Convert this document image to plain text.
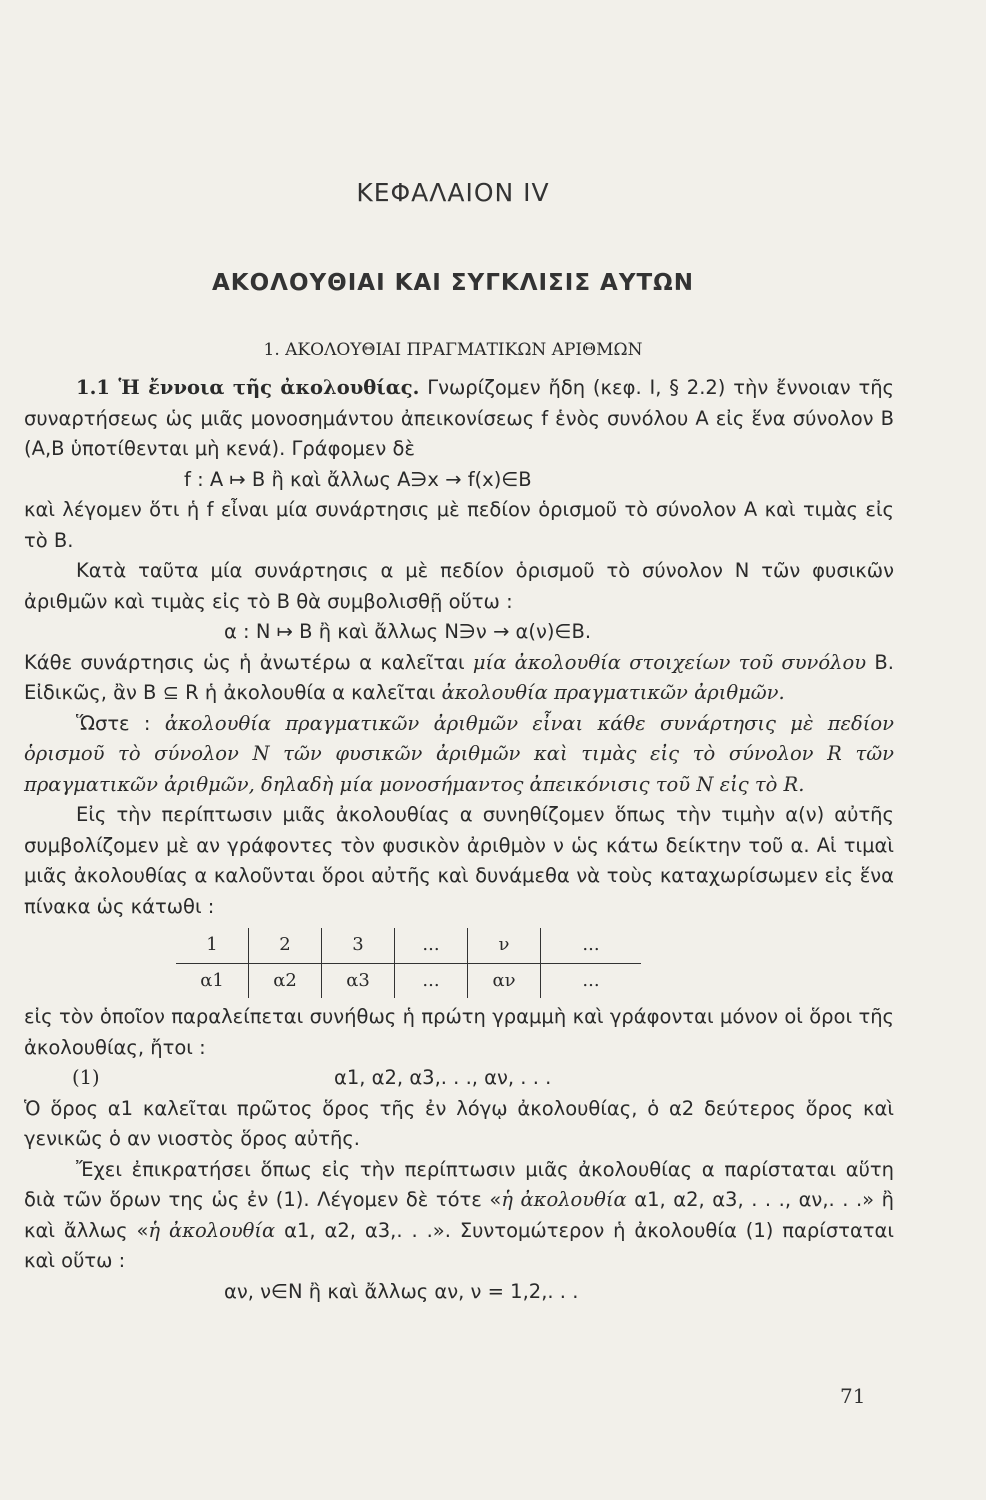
ΚΕΦΑΛΑΙΟΝ IV
ΑΚΟΛΟΥΘΙΑΙ ΚΑΙ ΣΥΓΚΛΙΣΙΣ ΑΥΤΩΝ
1. ΑΚΟΛΟΥΘΙΑΙ ΠΡΑΓΜΑΤΙΚΩΝ ΑΡΙΘΜΩΝ

1.1 Ἡ ἔννοια τῆς ἀκολουθίας. Γνωρίζομεν ἤδη (κεφ. Ι, § 2.2) τὴν ἔννοιαν τῆς συναρτήσεως ὡς μιᾶς μονοσημάντου ἀπεικονίσεως f ἑνὸς συνόλου Α εἰς ἕνα σύνολον Β (Α,Β ὑποτίθενται μὴ κενά). Γράφομεν δὲ

f : A ↦ B ἢ καὶ ἄλλως A∋x → f(x)∈B

καὶ λέγομεν ὅτι ἡ f εἶναι μία συνάρτησις μὲ πεδίον ὁρισμοῦ τὸ σύνολον Α καὶ τιμὰς εἰς τὸ Β.

Κατὰ ταῦτα μία συνάρτησις α μὲ πεδίον ὁρισμοῦ τὸ σύνολον N τῶν φυσικῶν ἀριθμῶν καὶ τιμὰς εἰς τὸ Β θὰ συμβολισθῇ οὕτω :

α : N ↦ B ἢ καὶ ἄλλως N∋ν → α(ν)∈B.

Κάθε συνάρτησις ὡς ἡ ἀνωτέρω α καλεῖται μία ἀκολουθία στοιχείων τοῦ συνόλου Β. Εἰδικῶς, ἂν Β ⊆ R ἡ ἀκολουθία α καλεῖται ἀκολουθία πραγματικῶν ἀριθμῶν.

Ὥστε : ἀκολουθία πραγματικῶν ἀριθμῶν εἶναι κάθε συνάρτησις μὲ πεδίον ὁρισμοῦ τὸ σύνολον N τῶν φυσικῶν ἀριθμῶν καὶ τιμὰς εἰς τὸ σύνολον R τῶν πραγματικῶν ἀριθμῶν, δηλαδὴ μία μονοσήμαντος ἀπεικόνισις τοῦ N εἰς τὸ R.

Εἰς τὴν περίπτωσιν μιᾶς ἀκολουθίας α συνηθίζομεν ὅπως τὴν τιμὴν α(ν) αὐτῆς συμβολίζομεν μὲ αν γράφοντες τὸν φυσικὸν ἀριθμὸν ν ὡς κάτω δείκτην τοῦ α. Αἱ τιμαὶ μιᾶς ἀκολουθίας α καλοῦνται ὅροι αὐτῆς καὶ δυνάμεθα νὰ τοὺς καταχωρίσωμεν εἰς ἕνα πίνακα ὡς κάτωθι :

1	2	3	...	ν	...
α1	α2	α3	...	αν	...

εἰς τὸν ὁποῖον παραλείπεται συνήθως ἡ πρώτη γραμμὴ καὶ γράφονται μόνον οἱ ὅροι τῆς ἀκολουθίας, ἤτοι :

(1)	α1, α2, α3,. . ., αν, . . .

Ὁ ὅρος α1 καλεῖται πρῶτος ὅρος τῆς ἐν λόγῳ ἀκολουθίας, ὁ α2 δεύτερος ὅρος καὶ γενικῶς ὁ αν νιοστὸς ὅρος αὐτῆς.

Ἔχει ἐπικρατήσει ὅπως εἰς τὴν περίπτωσιν μιᾶς ἀκολουθίας α παρίσταται αὕτη διὰ τῶν ὅρων της ὡς ἐν (1). Λέγομεν δὲ τότε «ἡ ἀκολουθία α1, α2, α3, . . ., αν,. . .» ἢ καὶ ἄλλως «ἡ ἀκολουθία α1, α2, α3,. . .». Συντομώτερον ἡ ἀκολουθία (1) παρίσταται καὶ οὕτω :

αν, ν∈N ἢ καὶ ἄλλως αν, ν = 1,2,. . .
71
